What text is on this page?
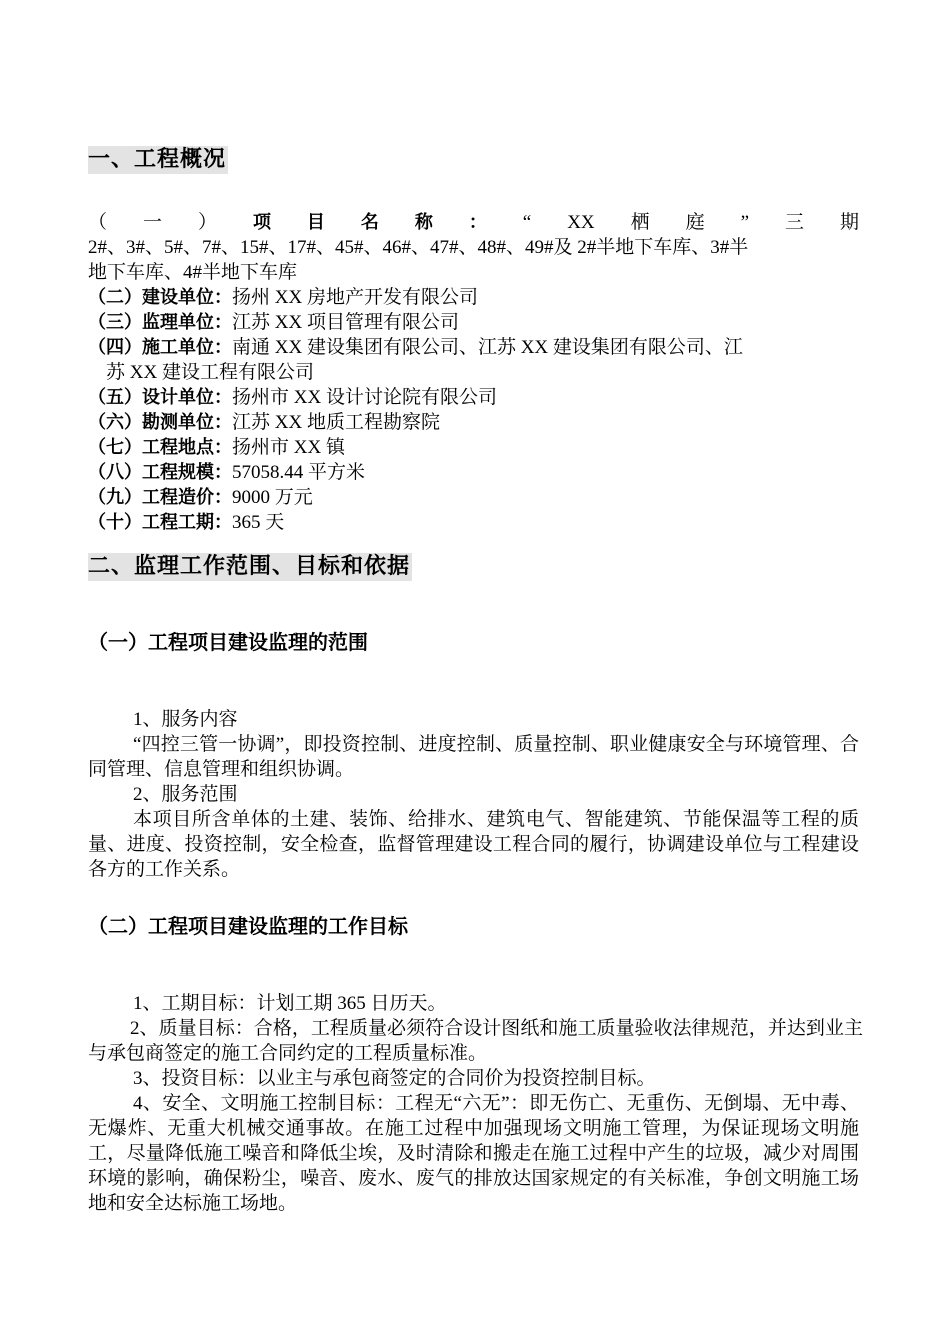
一、工程概况
（ 一 ） 项 目 名 称 ： “ XX 栖 庭 ” 三 期
2#、3#、5#、7#、15#、17#、45#、46#、47#、48#、49#及 2#半地下车库、3#半
地下车库、4#半地下车库
（二）建设单位：扬州 XX 房地产开发有限公司
（三）监理单位：江苏 XX 项目管理有限公司
（四）施工单位：南通 XX 建设集团有限公司、江苏 XX 建设集团有限公司、江
苏 XX 建设工程有限公司
（五）设计单位：扬州市 XX 设计讨论院有限公司
（六）勘测单位：江苏 XX 地质工程勘察院
（七）工程地点：扬州市 XX 镇
（八）工程规模：57058.44 平方米
（九）工程造价：9000 万元
（十）工程工期：365 天
二、监理工作范围、目标和依据
（一）工程项目建设监理的范围
1、服务内容
“四控三管一协调”，即投资控制、进度控制、质量控制、职业健康安全与环境管理、合同管理、信息管理和组织协调。
2、服务范围
本项目所含单体的土建、装饰、给排水、建筑电气、智能建筑、节能保温等工程的质量、进度、投资控制，安全检查，监督管理建设工程合同的履行，协调建设单位与工程建设各方的工作关系。
（二）工程项目建设监理的工作目标
1、工期目标：计划工期 365 日历天。
2、质量目标：合格，工程质量必须符合设计图纸和施工质量验收法律规范，并达到业主与承包商签定的施工合同约定的工程质量标准。
3、投资目标：以业主与承包商签定的合同价为投资控制目标。
4、安全、文明施工控制目标：工程无“六无”：即无伤亡、无重伤、无倒塌、无中毒、无爆炸、无重大机械交通事故。在施工过程中加强现场文明施工管理，为保证现场文明施工，尽量降低施工噪音和降低尘埃，及时清除和搬走在施工过程中产生的垃圾，减少对周围环境的影响，确保粉尘，噪音、废水、废气的排放达国家规定的有关标准，争创文明施工场地和安全达标施工场地。
